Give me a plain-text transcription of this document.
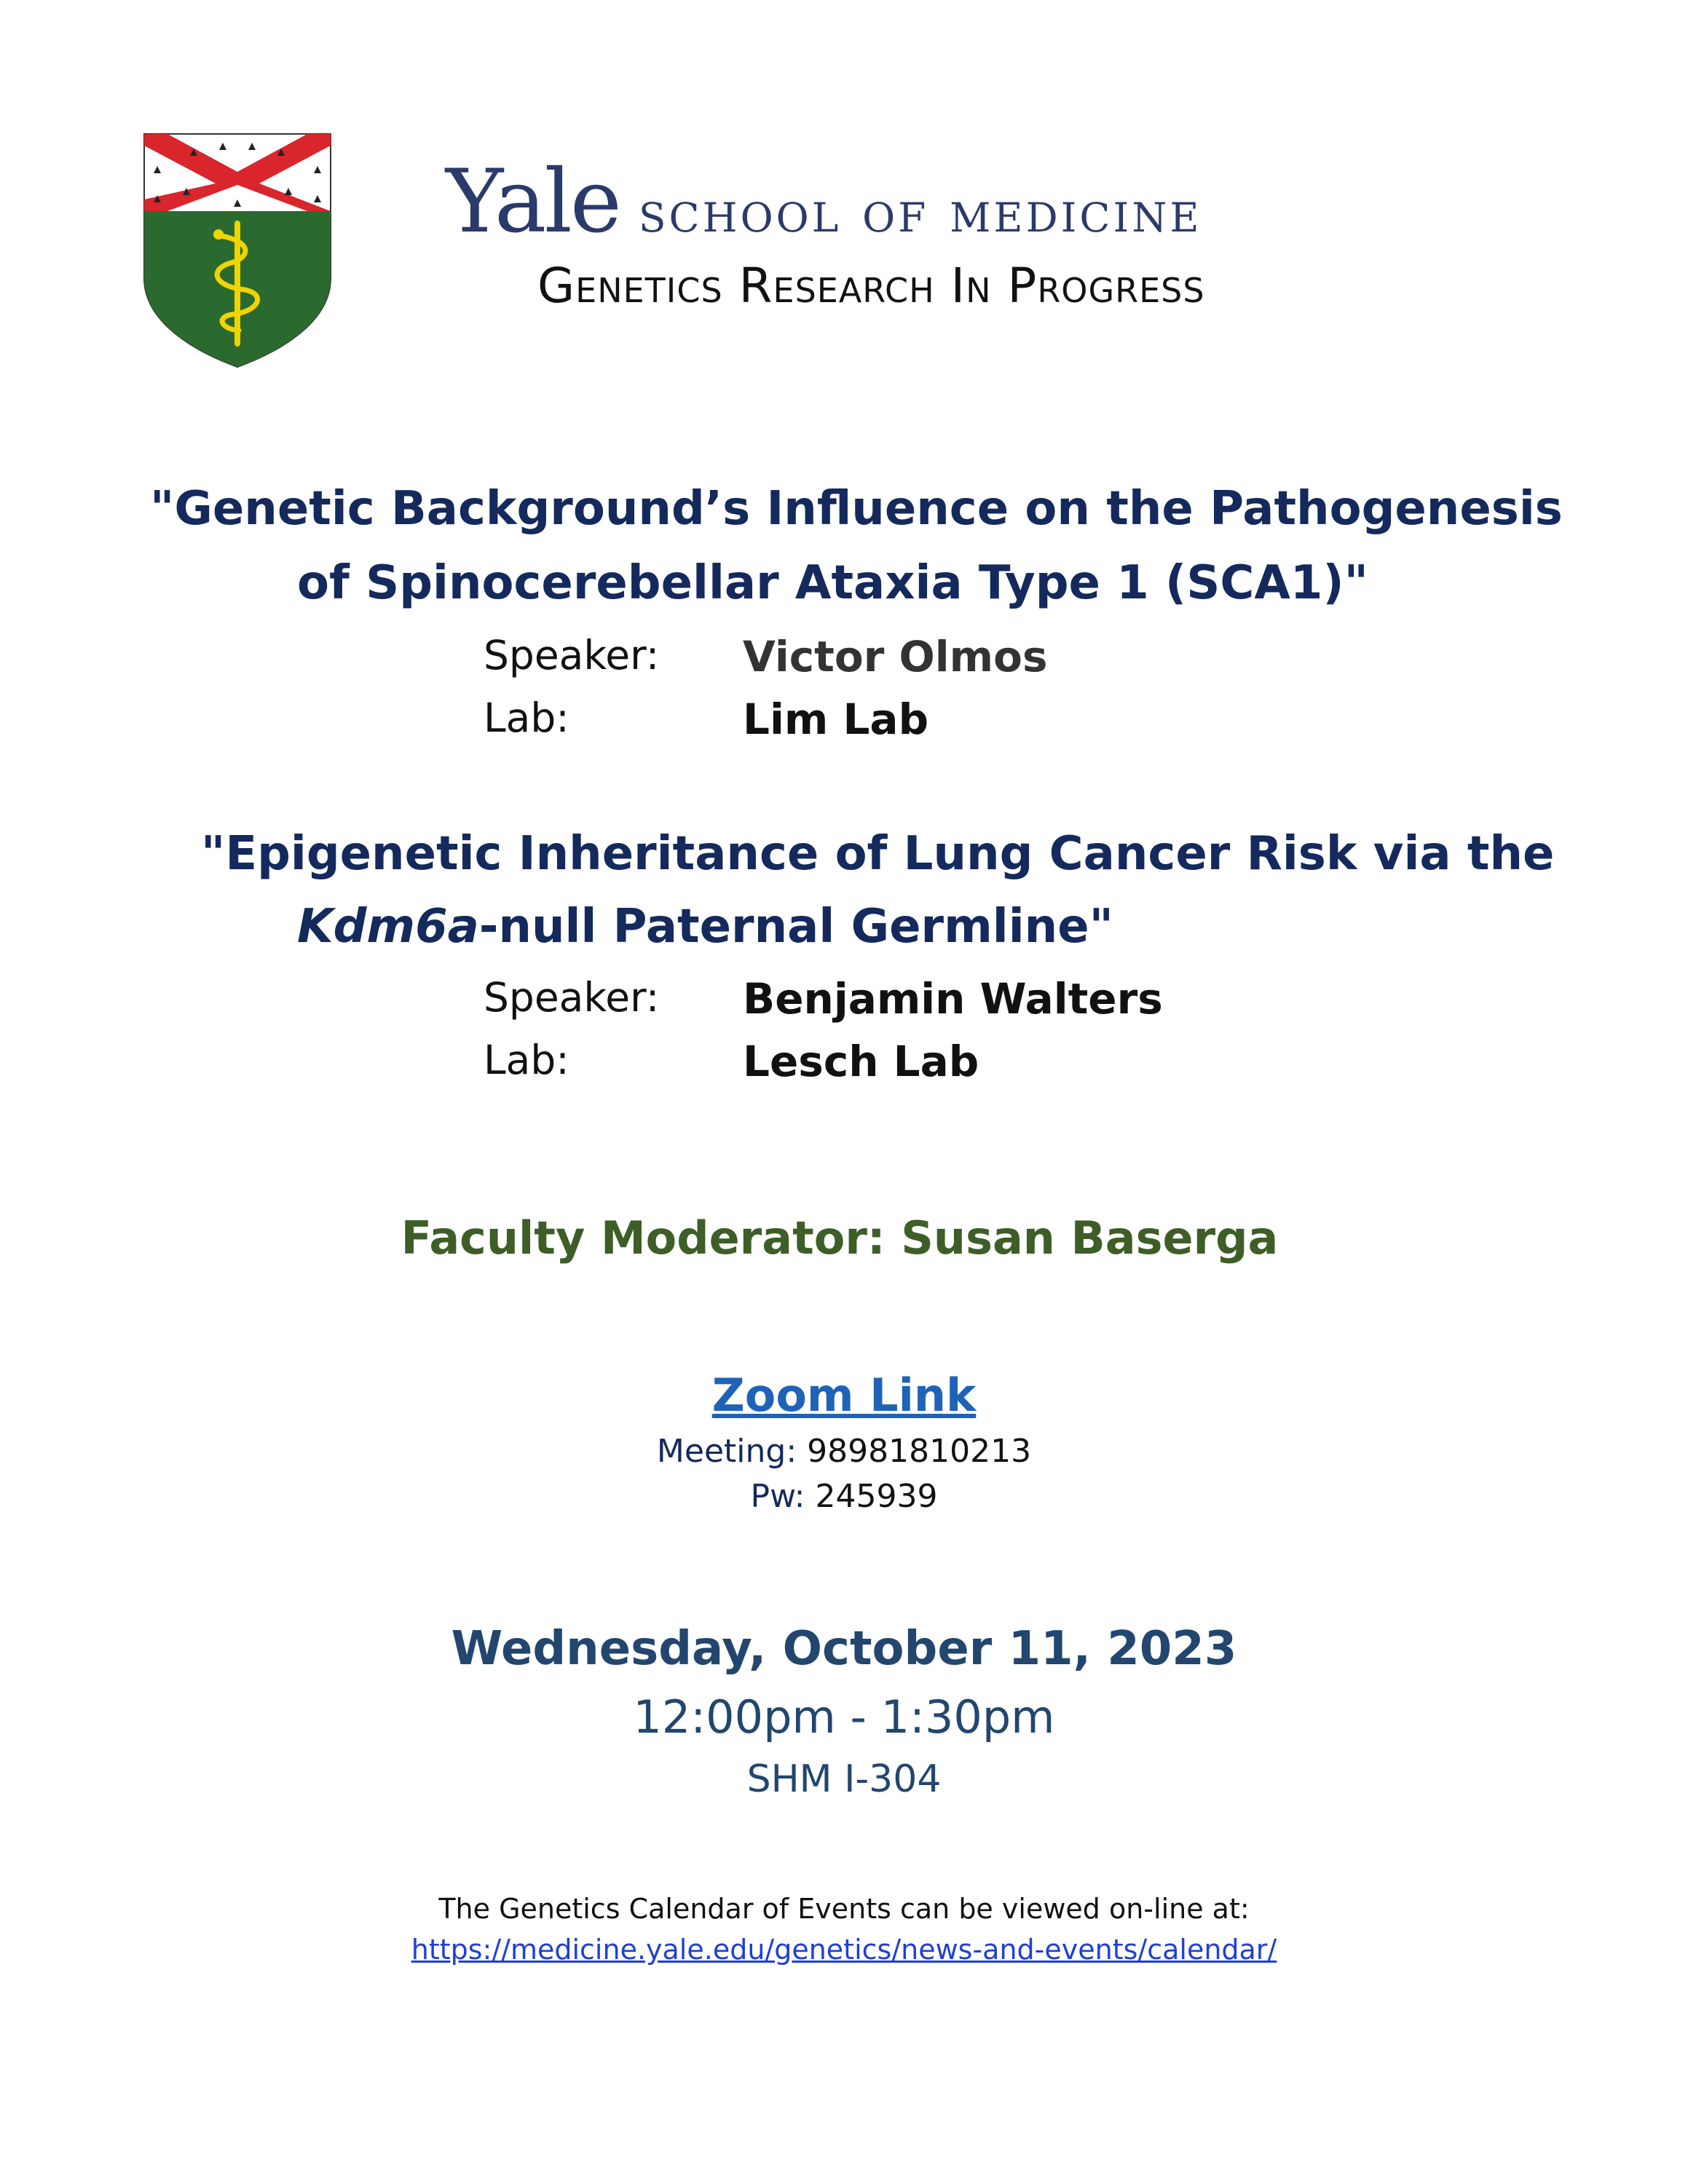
Yale school of medicine
Genetics Research In Progress
"Genetic Background’s Influence on the Pathogenesis
of Spinocerebellar Ataxia Type 1 (SCA1)"
Speaker: Victor Olmos
Lab:	Lim Lab
"Epigenetic Inheritance of Lung Cancer Risk via the
Kdm6a-null Paternal Germline"
Speaker: Benjamin Walters
Lab:	Lesch Lab
Faculty Moderator: Susan Baserga
Zoom Link
Meeting: 98981810213
Pw: 245939
Wednesday, October 11, 2023
12:00pm - 1:30pm
SHM I-304
The Genetics Calendar of Events can be viewed on-line at:
https://medicine.yale.edu/genetics/news-and-events/calendar/
